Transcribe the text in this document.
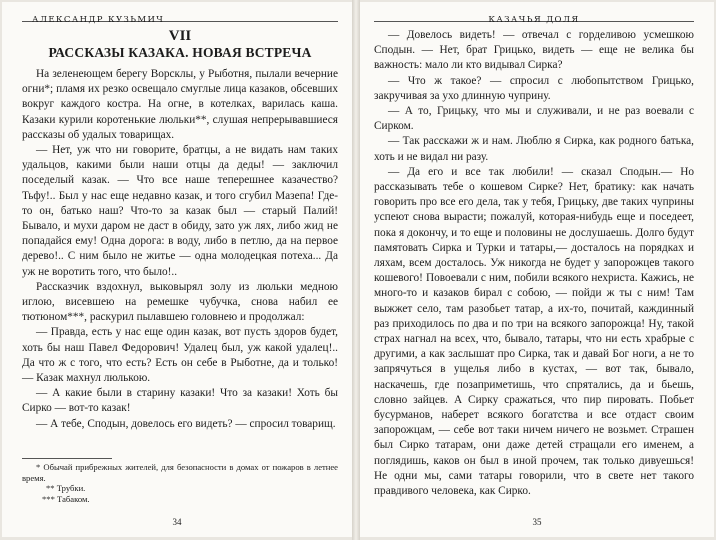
АЛЕКСАНДР КУЗЬМИЧ
VII
РАССКАЗЫ КАЗАКА. НОВАЯ ВСТРЕЧА

На зеленеющем берегу Ворсклы, у Рыботня, пылали вечерние огни*; пламя их резко освещало смуглые лица казаков, обсевших вокруг каждого костра. На огне, в котелках, варилась каша. Казаки курили коротенькие люльки**, слушая непрерывавшиеся рассказы об удалых товарищах.

— Нет, уж что ни говорите, братцы, а не видать нам таких удальцов, какими были наши отцы да деды! — заключил поседелый казак. — Что все наше теперешнее казачество? Тьфу!.. Был у нас еще недавно казак, и того сгубил Мазепа! Где-то он, батько наш? Что-то за казак был — старый Палий! Бывало, и мухи даром не даст в обиду, зато уж лях, либо жид не попадайся ему! Одна дорога: в воду, либо в петлю, да на первое дерево!.. С ним было не житье — одна молодецкая потеха... Да уж не воротить того, что было!..

Рассказчик вздохнул, выковырял золу из люльки медною иглою, висевшею на ремешке чубучка, снова набил ее тютюном***, раскурил пылавшею головнею и продолжал:

— Правда, есть у нас еще один казак, вот пусть здоров будет, хоть бы наш Павел Федорович! Удалец был, уж какой удалец!.. Да что ж с того, что есть? Есть он себе в Рыботне, да и только! — Казак махнул люлькою.

— А какие были в старину казаки! Что за казаки! Хоть бы Сирко — вот-то казак!

— А тебе, Сподын, довелось его видеть? — спросил товарищ.

* Обычай прибрежных жителей, для безопасности в домах от пожаров в летнее время.

** Трубки.

*** Табаком.

34
КАЗАЧЬЯ ДОЛЯ

— Довелось видеть! — отвечал с горделивою усмешкою Сподын. — Нет, брат Грицько, видеть — еще не велика бы важность: мало ли кто видывал Сирка?

— Что ж такое? — спросил с любопытством Грицько, закручивая за ухо длинную чуприну.

— А то, Грицьку, что мы и служивали, и не раз воевали с Сирком.

— Так расскажи ж и нам. Люблю я Сирка, как родного батька, хоть и не видал ни разу.

— Да его и все так любили! — сказал Сподын.— Но рассказывать тебе о кошевом Сирке? Нет, братику: как начать говорить про все его дела, так у тебя, Грицьку, две таких чуприны успеют снова вырасти; пожалуй, которая-нибудь еще и поседеет, пока я докончу, и то еще и половины не дослушаешь. Долго будут памятовать Сирка и Турки и татары,— досталось на порядках и ляхам, всем досталось. Уж никогда не будет у запорожцев такого кошевого! Повоевали с ним, побили всякого нехриста. Кажись, не много-то и казаков бирал с собою, — пойди ж ты с ним! Там выжжет село, там разобьет татар, а их-то, почитай, каждинный раз приходилось по два и по три на всякого запорожца! Ну, такой страх нагнал на всех, что, бывало, татары, что ни есть храбрые с другими, а как заслышат про Сирка, так и давай Бог ноги, а не то запрячуться в ущелья либо в кустах, — вот так, бывало, наскачешь, где позаприметишь, что спрятались, да и бьешь, словно зайцев. А Сирку сражаться, что пир пировать. Побьет бусурманов, наберет всякого богатства и все отдаст своим запорожцам, — себе вот таки ничем ничего не возьмет. Страшен был Сирко татарам, они даже детей стращали его именем, а поглядишь, каков он был в иной прочем, так только дивуешься! Не одни мы, сами татары говорили, что в свете нет такого правдивого человека, как Сирко.

35
